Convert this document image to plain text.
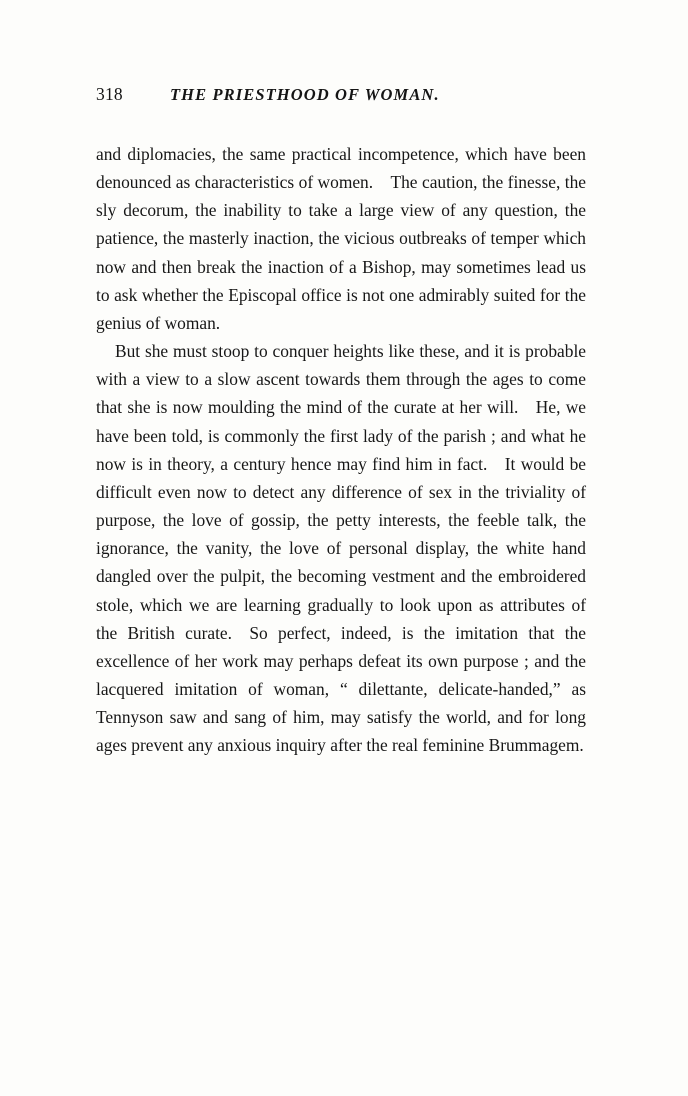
318	THE PRIESTHOOD OF WOMAN.

and diplomacies, the same practical incompetence, which have been denounced as characteristics of women. The caution, the finesse, the sly decorum, the inability to take a large view of any question, the patience, the masterly inaction, the vicious outbreaks of temper which now and then break the inaction of a Bishop, may sometimes lead us to ask whether the Episcopal office is not one admirably suited for the genius of woman.

But she must stoop to conquer heights like these, and it is probable with a view to a slow ascent towards them through the ages to come that she is now moulding the mind of the curate at her will. He, we have been told, is commonly the first lady of the parish ; and what he now is in theory, a century hence may find him in fact. It would be difficult even now to detect any difference of sex in the triviality of purpose, the love of gossip, the petty interests, the feeble talk, the ignorance, the vanity, the love of personal display, the white hand dangled over the pulpit, the becoming vestment and the embroidered stole, which we are learning gradually to look upon as attributes of the British curate. So perfect, indeed, is the imitation that the excellence of her work may perhaps defeat its own purpose ; and the lacquered imitation of woman, “ dilettante, delicate-handed,” as Tennyson saw and sang of him, may satisfy the world, and for long ages prevent any anxious inquiry after the real feminine Brummagem.
